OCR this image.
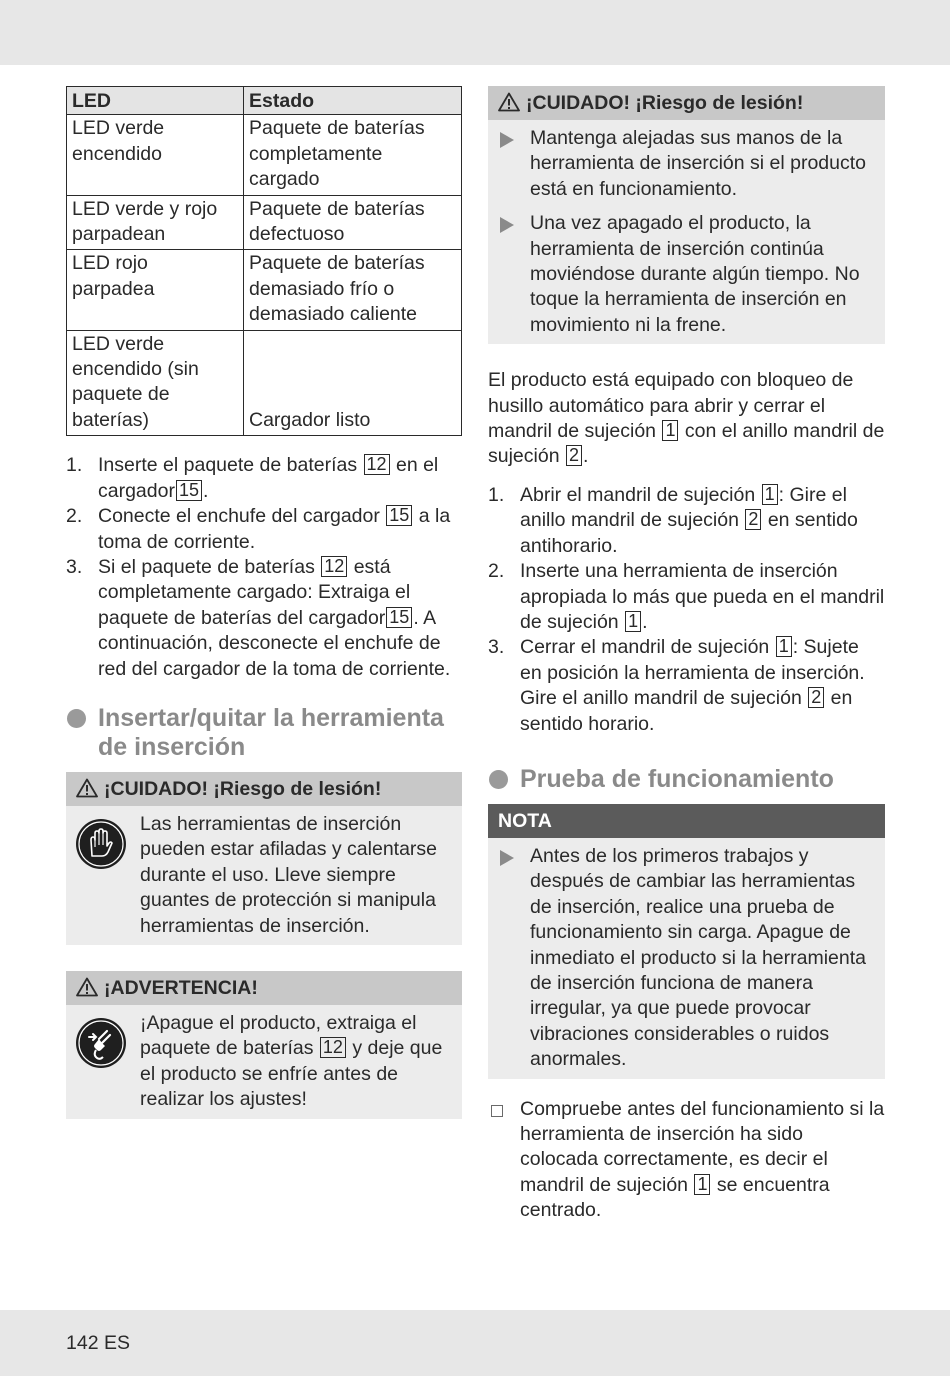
LED	Estado

LED verde encendido	Paquete de baterías completamente cargado

LED verde y rojo parpadean	Paquete de baterías defectuoso

LED rojo parpadea	Paquete de baterías demasiado frío o demasiado caliente

LED verde encendido (sin paquete de baterías)	Cargador listo
1. Inserte el paquete de baterías 12 en el cargador 15 .
2. Conecte el enchufe del cargador 15 a la toma de corriente.
3. Si el paquete de baterías 12 está completamente cargado: Extraiga el paquete de baterías del cargador 15 . A continuación, desconecte el enchufe de red del cargador de la toma de corriente.
Insertar/quitar la herramienta de inserción
¡CUIDADO! ¡Riesgo de lesión!
Las herramientas de inserción pueden estar afiladas y calentarse durante el uso. Lleve siempre guantes de protección si manipula herramientas de inserción.
¡ADVERTENCIA!
¡Apague el producto, extraiga el paquete de baterías 12 y deje que el producto se enfríe antes de realizar los ajustes!
¡CUIDADO! ¡Riesgo de lesión!
Mantenga alejadas sus manos de la herramienta de inserción si el producto está en funcionamiento.
Una vez apagado el producto, la herramienta de inserción continúa moviéndose durante algún tiempo. No toque la herramienta de inserción en movimiento ni la frene.

El producto está equipado con bloqueo de husillo automático para abrir y cerrar el mandril de sujeción 1 con el anillo mandril de sujeción 2 .

1. Abrir el mandril de sujeción 1 : Gire el anillo mandril de sujeción 2 en sentido antihorario.
2. Inserte una herramienta de inserción apropiada lo más que pueda en el mandril de sujeción 1 .
3. Cerrar el mandril de sujeción 1 : Sujete en posición la herramienta de inserción. Gire el anillo mandril de sujeción 2 en sentido horario.
Prueba de funcionamiento
NOTA
Antes de los primeros trabajos y después de cambiar las herramientas de inserción, realice una prueba de funcionamiento sin carga. Apague de inmediato el producto si la herramienta de inserción funciona de manera irregular, ya que puede provocar vibraciones considerables o ruidos anormales.
Compruebe antes del funcionamiento si la herramienta de inserción ha sido colocada correctamente, es decir el mandril de sujeción 1 se encuentra centrado.
142 ES
